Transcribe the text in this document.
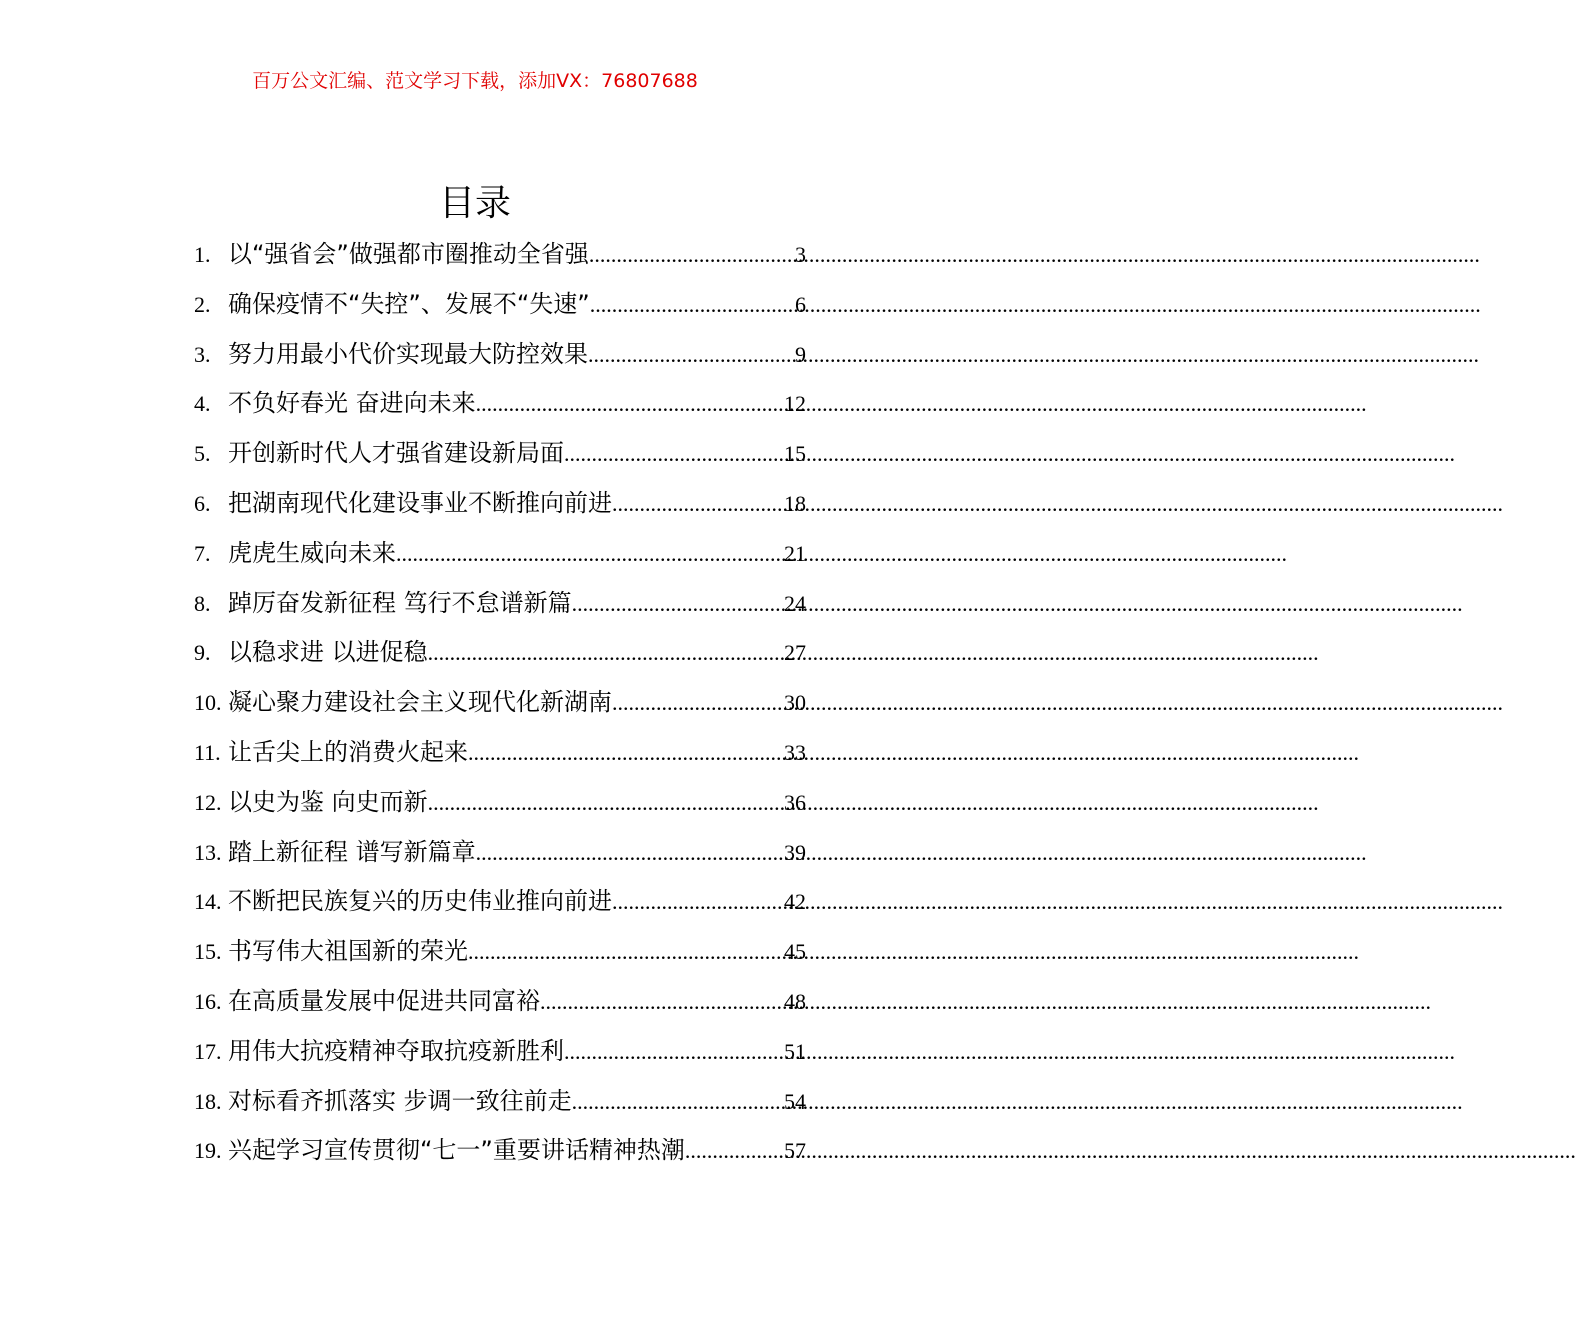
百万公文汇编、范文学习下载，添加VX：76807688
目录
1. 以“强省会”做强都市圈推动全省强 .....	3
2. 确保疫情不“失控”、发展不“失速” .....	6
3. 努力用最小代价实现最大防控效果 .....	9
4. 不负好春光 奋进向未来 .....	12
5. 开创新时代人才强省建设新局面 .....	15
6. 把湖南现代化建设事业不断推向前进 .....	18
7. 虎虎生威向未来 .....	21
8. 踔厉奋发新征程 笃行不怠谱新篇 .....	24
9. 以稳求进 以进促稳 .....	27
10. 凝心聚力建设社会主义现代化新湖南 .....	30
11. 让舌尖上的消费火起来 .....	33
12. 以史为鉴 向史而新 .....	36
13. 踏上新征程 谱写新篇章 .....	39
14. 不断把民族复兴的历史伟业推向前进 .....	42
15. 书写伟大祖国新的荣光 .....	45
16. 在高质量发展中促进共同富裕 .....	48
17. 用伟大抗疫精神夺取抗疫新胜利 .....	51
18. 对标看齐抓落实 步调一致往前走 .....	54
19. 兴起学习宣传贯彻“七一”重要讲话精神热潮 .....	57
